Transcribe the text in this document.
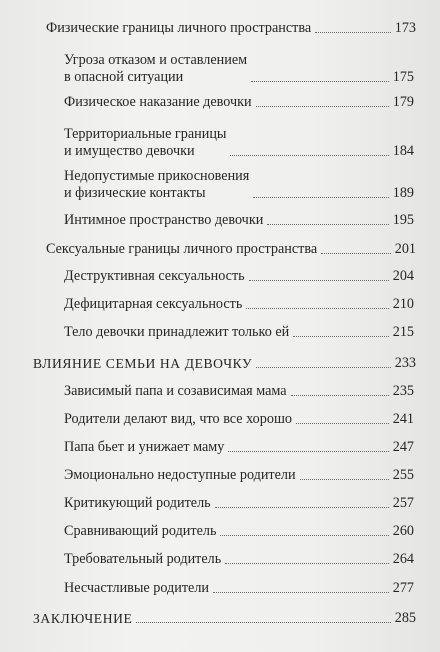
Физические границы личного пространства	173
Угроза отказом и оставлением
в опасной ситуации	175
Физическое наказание девочки	179
Территориальные границы
и имущество девочки	184
Недопустимые прикосновения
и физические контакты	189
Интимное пространство девочки	195
Сексуальные границы личного пространства	201
Деструктивная сексуальность	204
Дефицитарная сексуальность	210
Тело девочки принадлежит только ей	215
ВЛИЯНИЕ СЕМЬИ НА ДЕВОЧКУ	233
Зависимый папа и созависимая мама	235
Родители делают вид, что все хорошо	241
Папа бьет и унижает маму	247
Эмоционально недоступные родители	255
Критикующий родитель	257
Сравнивающий родитель	260
Требовательный родитель	264
Несчастливые родители	277
ЗАКЛЮЧЕНИЕ	285
